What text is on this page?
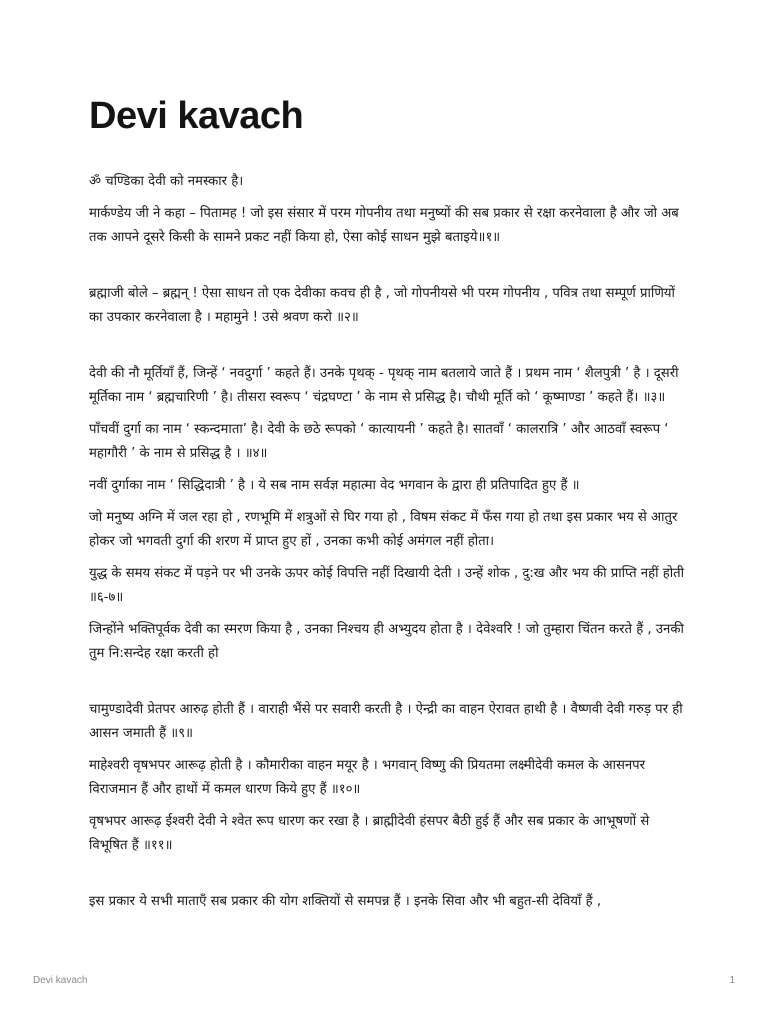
Devi kavach

ॐ चण्डिका देवी को नमस्कार है।

मार्कण्डेय जी ने कहा – पितामह ! जो इस संसार में परम गोपनीय तथा मनुष्यों की सब प्रकार से रक्षा करनेवाला है और जो अब तक आपने दूसरे किसी के सामने प्रकट नहीं किया हो, ऐसा कोई साधन मुझे बताइये॥१॥

ब्रह्माजी बोले – ब्रह्मन् ! ऐसा साधन तो एक देवीका कवच ही है , जो गोपनीयसे भी परम गोपनीय , पवित्र तथा सम्पूर्ण प्राणियों का उपकार करनेवाला है । महामुने ! उसे श्रवण करो ॥२॥

देवी की नौ मूर्तियाँ हैं, जिन्हें ‘ नवदुर्गा ’ कहते हैं। उनके पृथक् - पृथक् नाम बतलाये जाते हैं । प्रथम नाम ‘ शैलपुत्री ’ है । दूसरी मूर्तिका नाम ‘ ब्रह्मचारिणी ’ है। तीसरा स्वरूप ‘ चंद्रघण्टा ’ के नाम से प्रसिद्ध है। चौथी मूर्ति को ‘ कूष्माण्डा ’ कहते हैं। ॥३॥

पाँचवीं दुर्गा का नाम ‘ स्कन्दमाता’ है। देवी के छठे रूपको ‘ कात्यायनी ’ कहते है। सातवाँ ‘ कालरात्रि ’ और आठवाँ स्वरूप ‘ महागौरी ’ के नाम से प्रसिद्ध है । ॥४॥

नवीं दुर्गाका नाम ‘ सिद्धिदात्री ’ है । ये सब नाम सर्वज्ञ महात्मा वेद भगवान के द्वारा ही प्रतिपादित हुए हैं ॥

जो मनुष्य अग्नि में जल रहा हो , रणभूमि में शत्रुओं से घिर गया हो , विषम संकट में फँस गया हो तथा इस प्रकार भय से आतुर होकर जो भगवती दुर्गा की शरण में प्राप्त हुए हों , उनका कभी कोई अमंगल नहीं होता।

युद्ध के समय संकट में पड़ने पर भी उनके ऊपर कोई विपत्ति नहीं दिखायी देती । उन्हें शोक , दु:ख और भय की प्राप्ति नहीं होती ॥६-७॥

जिन्होंने भक्तिपूर्वक देवी का स्मरण किया है , उनका निश्चय ही अभ्युदय होता है । देवेश्वरि ! जो तुम्हारा चिंतन करते हैं , उनकी तुम नि:सन्देह रक्षा करती हो

चामुण्डादेवी प्रेतपर आरुढ़ होती हैं । वाराही भैंसे पर सवारी करती है । ऐन्द्री का वाहन ऐरावत हाथी है । वैष्णवी देवी गरुड़ पर ही आसन जमाती हैं ॥९॥

माहेश्वरी वृषभपर आरूढ़ होती है । कौमारीका वाहन मयूर है । भगवान् विष्णु की प्रियतमा लक्ष्मीदेवी कमल के आसनपर विराजमान हैं और हाथों में कमल धारण किये हुए हैं ॥१०॥

वृषभपर आरूढ़ ईश्वरी देवी ने श्वेत रूप धारण कर रखा है । ब्राह्मीदेवी हंसपर बैठी हुई हैं और सब प्रकार के आभूषणों से विभूषित हैं ॥११॥

इस प्रकार ये सभी माताएँ सब प्रकार की योग शक्तियों से समपन्न हैं । इनके सिवा और भी बहुत-सी देवियाँ हैं ,

Devi kavach	1
